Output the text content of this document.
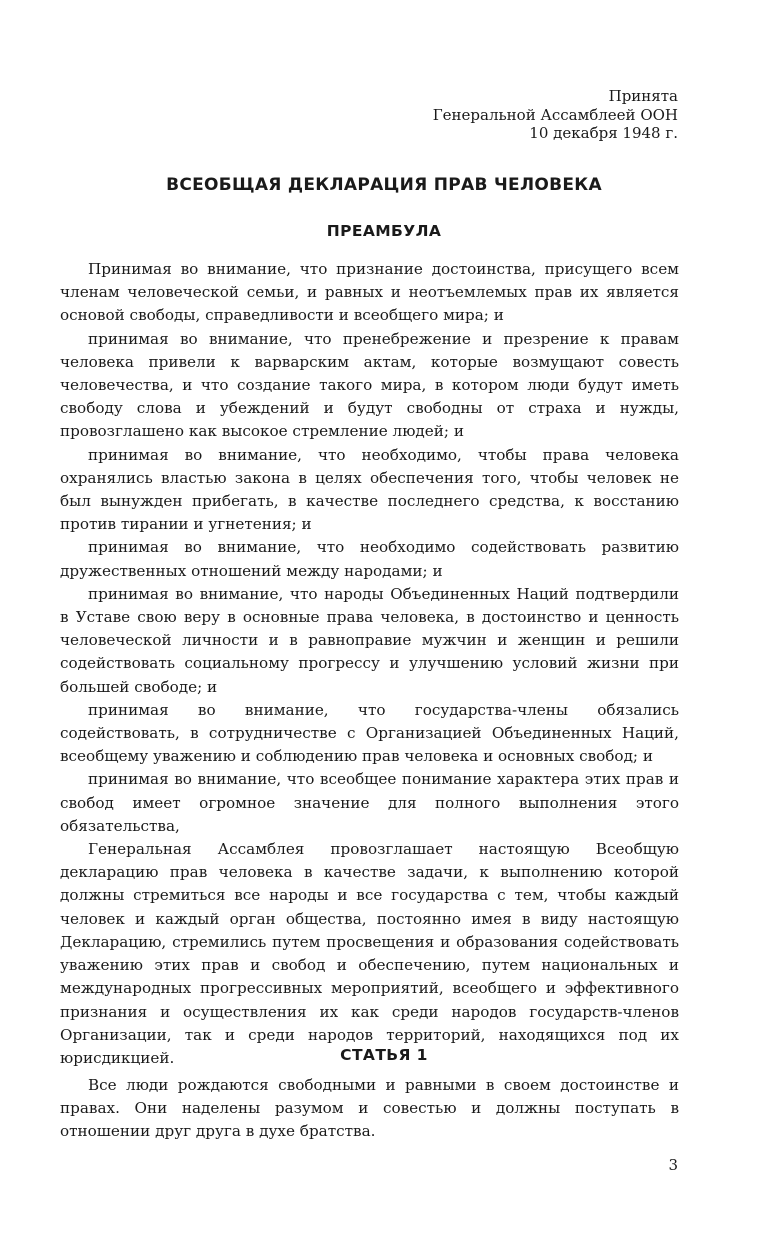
Принята
Генеральной Ассамблеей ООН
10 декабря 1948 г.
ВСЕОБЩАЯ ДЕКЛАРАЦИЯ ПРАВ ЧЕЛОВЕКА
ПРЕАМБУЛА

Принимая во внимание, что признание достоинства, присущего всем членам человеческой семьи, и равных и неотъемлемых прав их является основой свободы, справедливости и всеобщего мира; и

принимая во внимание, что пренебрежение и презрение к правам человека привели к варварским актам, которые возмущают совесть человечества, и что создание такого мира, в котором люди будут иметь свободу слова и убеждений и будут свободны от страха и нужды, провозглашено как высокое стремление людей; и

принимая во внимание, что необходимо, чтобы права человека охранялись властью закона в целях обеспечения того, чтобы человек не был вынужден прибегать, в качестве последнего средства, к восстанию против тирании и угнетения; и

принимая во внимание, что необходимо содействовать развитию дружественных отношений между народами; и

принимая во внимание, что народы Объединенных Наций подтвердили в Уставе свою веру в основные права человека, в достоинство и ценность человеческой личности и в равноправие мужчин и женщин и решили содействовать социальному прогрессу и улучшению условий жизни при большей свободе; и

принимая во внимание, что государства-члены обязались содействовать, в сотрудничестве с Организацией Объединенных Наций, всеобщему уважению и соблюдению прав человека и основных свобод; и

принимая во внимание, что всеобщее понимание характера этих прав и свобод имеет огромное значение для полного выполнения этого обязательства,

Генеральная Ассамблея провозглашает настоящую Всеобщую декларацию прав человека в качестве задачи, к выполнению которой должны стремиться все народы и все государства с тем, чтобы каждый человек и каждый орган общества, постоянно имея в виду настоящую Декларацию, стремились путем просвещения и образования содействовать уважению этих прав и свобод и обеспечению, путем национальных и международных прогрессивных мероприятий, всеобщего и эффективного признания и осуществления их как среди народов государств-членов Организации, так и среди народов территорий, находящихся под их юрисдикцией.	СТАТЬЯ 1

Все люди рождаются свободными и равными в своем достоинстве и правах. Они наделены разумом и совестью и должны поступать в отношении друг друга в духе братства.

3
